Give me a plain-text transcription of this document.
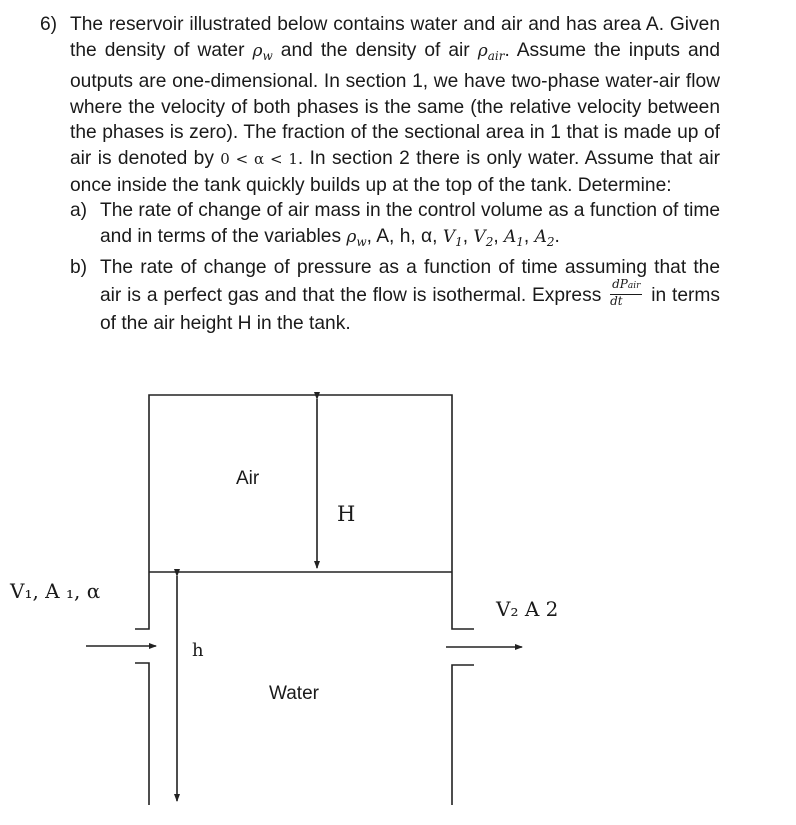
6) The reservoir illustrated below contains water and air and has area A. Given the density of water $\rho_w$ and the density of air $\rho_{air}$. Assume the inputs and outputs are one-dimensional. In section 1, we have two-phase water-air flow where the velocity of both phases is the same (the relative velocity between the phases is zero). The fraction of the sectional area in 1 that is made up of air is denoted by 0 < α < 1. In section 2 there is only water. Assume that air once inside the tank quickly builds up at the top of the tank. Determine:
a) The rate of change of air mass in the control volume as a function of time and in terms of the variables $\rho_w$, A, h, α, $V_1$, $V_2$, $A_1$, $A_2$.
b) The rate of change of pressure as a function of time assuming that the air is a perfect gas and that the flow is isothermal. Express $\frac{\text{dPair}}{dt}$ in terms of the air height H in the tank.
Air
H
h
Water
V₁, A ₁, α
V₂ A 2
